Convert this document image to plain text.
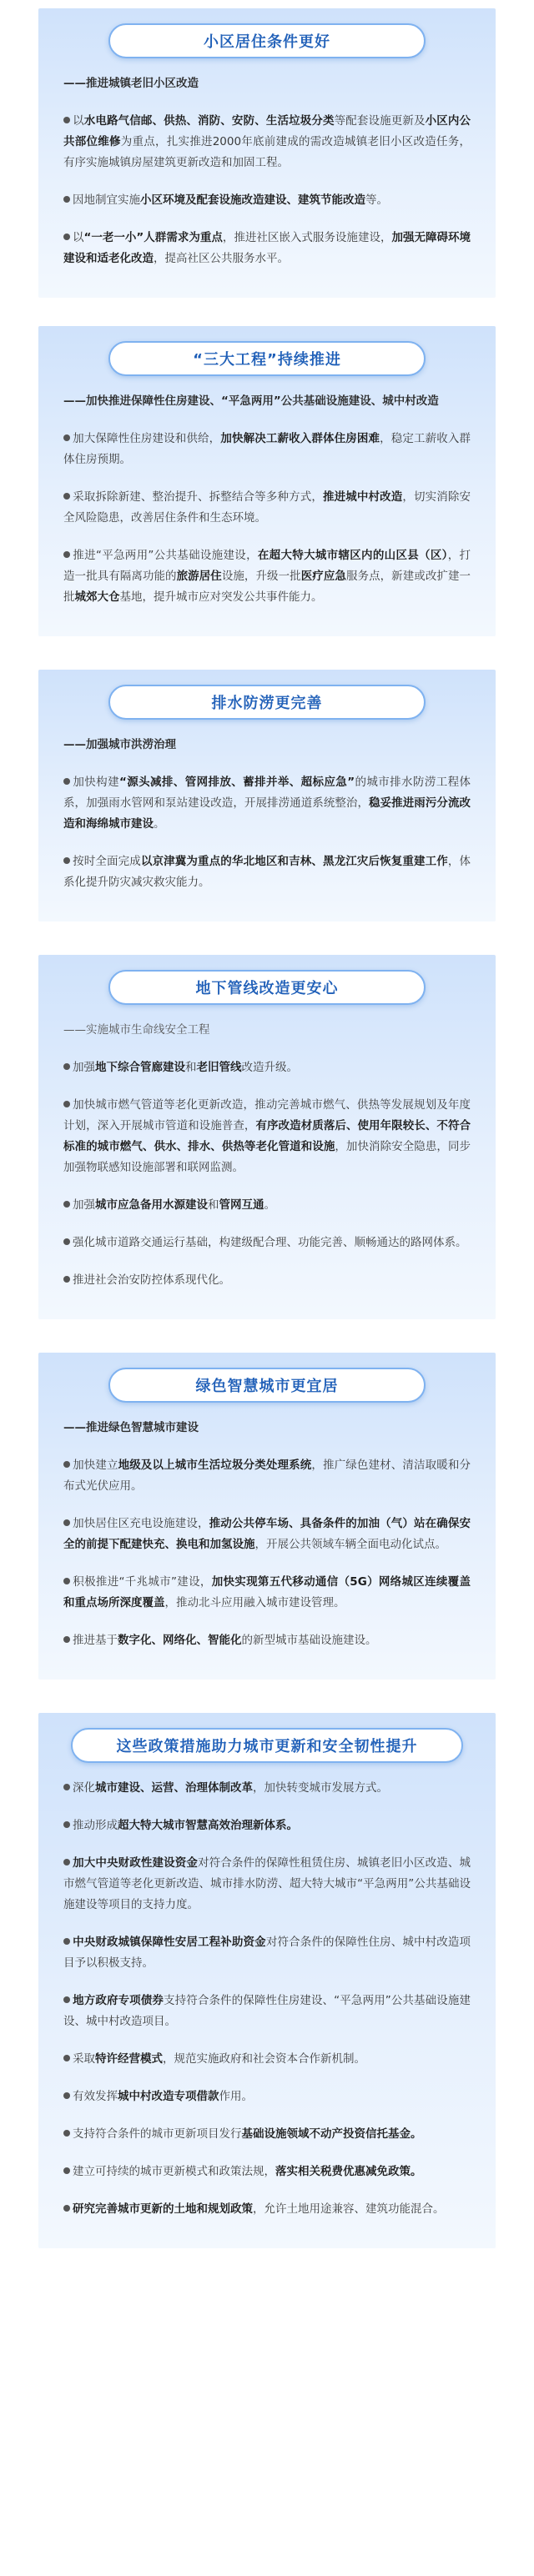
小区居住条件更好
——推进城镇老旧小区改造
以水电路气信邮、供热、消防、安防、生活垃圾分类等配套设施更新及小区内公共部位维修为重点，扎实推进2000年底前建成的需改造城镇老旧小区改造任务，有序实施城镇房屋建筑更新改造和加固工程。
因地制宜实施小区环境及配套设施改造建设、建筑节能改造等。
以“一老一小”人群需求为重点，推进社区嵌入式服务设施建设，加强无障碍环境建设和适老化改造，提高社区公共服务水平。
“三大工程”持续推进
——加快推进保障性住房建设、“平急两用”公共基础设施建设、城中村改造
加大保障性住房建设和供给，加快解决工薪收入群体住房困难，稳定工薪收入群体住房预期。
采取拆除新建、整治提升、拆整结合等多种方式，推进城中村改造，切实消除安全风险隐患，改善居住条件和生态环境。
推进“平急两用”公共基础设施建设，在超大特大城市辖区内的山区县（区），打造一批具有隔离功能的旅游居住设施，升级一批医疗应急服务点，新建或改扩建一批城郊大仓基地，提升城市应对突发公共事件能力。
排水防涝更完善
——加强城市洪涝治理
加快构建“源头减排、管网排放、蓄排并举、超标应急”的城市排水防涝工程体系，加强雨水管网和泵站建设改造，开展排涝通道系统整治，稳妥推进雨污分流改造和海绵城市建设。
按时全面完成以京津冀为重点的华北地区和吉林、黑龙江灾后恢复重建工作，体系化提升防灾减灾救灾能力。
地下管线改造更安心
——实施城市生命线安全工程
加强地下综合管廊建设和老旧管线改造升级。
加快城市燃气管道等老化更新改造，推动完善城市燃气、供热等发展规划及年度计划，深入开展城市管道和设施普查，有序改造材质落后、使用年限较长、不符合标准的城市燃气、供水、排水、供热等老化管道和设施，加快消除安全隐患，同步加强物联感知设施部署和联网监测。
加强城市应急备用水源建设和管网互通。
强化城市道路交通运行基础，构建级配合理、功能完善、顺畅通达的路网体系。
推进社会治安防控体系现代化。
绿色智慧城市更宜居
——推进绿色智慧城市建设
加快建立地级及以上城市生活垃圾分类处理系统，推广绿色建材、清洁取暖和分布式光伏应用。
加快居住区充电设施建设，推动公共停车场、具备条件的加油（气）站在确保安全的前提下配建快充、换电和加氢设施，开展公共领域车辆全面电动化试点。
积极推进“千兆城市”建设，加快实现第五代移动通信（5G）网络城区连续覆盖和重点场所深度覆盖，推动北斗应用融入城市建设管理。
推进基于数字化、网络化、智能化的新型城市基础设施建设。
这些政策措施助力城市更新和安全韧性提升
深化城市建设、运营、治理体制改革，加快转变城市发展方式。
推动形成超大特大城市智慧高效治理新体系。
加大中央财政性建设资金对符合条件的保障性租赁住房、城镇老旧小区改造、城市燃气管道等老化更新改造、城市排水防涝、超大特大城市“平急两用”公共基础设施建设等项目的支持力度。
中央财政城镇保障性安居工程补助资金对符合条件的保障性住房、城中村改造项目予以积极支持。
地方政府专项债券支持符合条件的保障性住房建设、“平急两用”公共基础设施建设、城中村改造项目。
采取特许经营模式，规范实施政府和社会资本合作新机制。
有效发挥城中村改造专项借款作用。
支持符合条件的城市更新项目发行基础设施领域不动产投资信托基金。
建立可持续的城市更新模式和政策法规，落实相关税费优惠减免政策。
研究完善城市更新的土地和规划政策，允许土地用途兼容、建筑功能混合。
